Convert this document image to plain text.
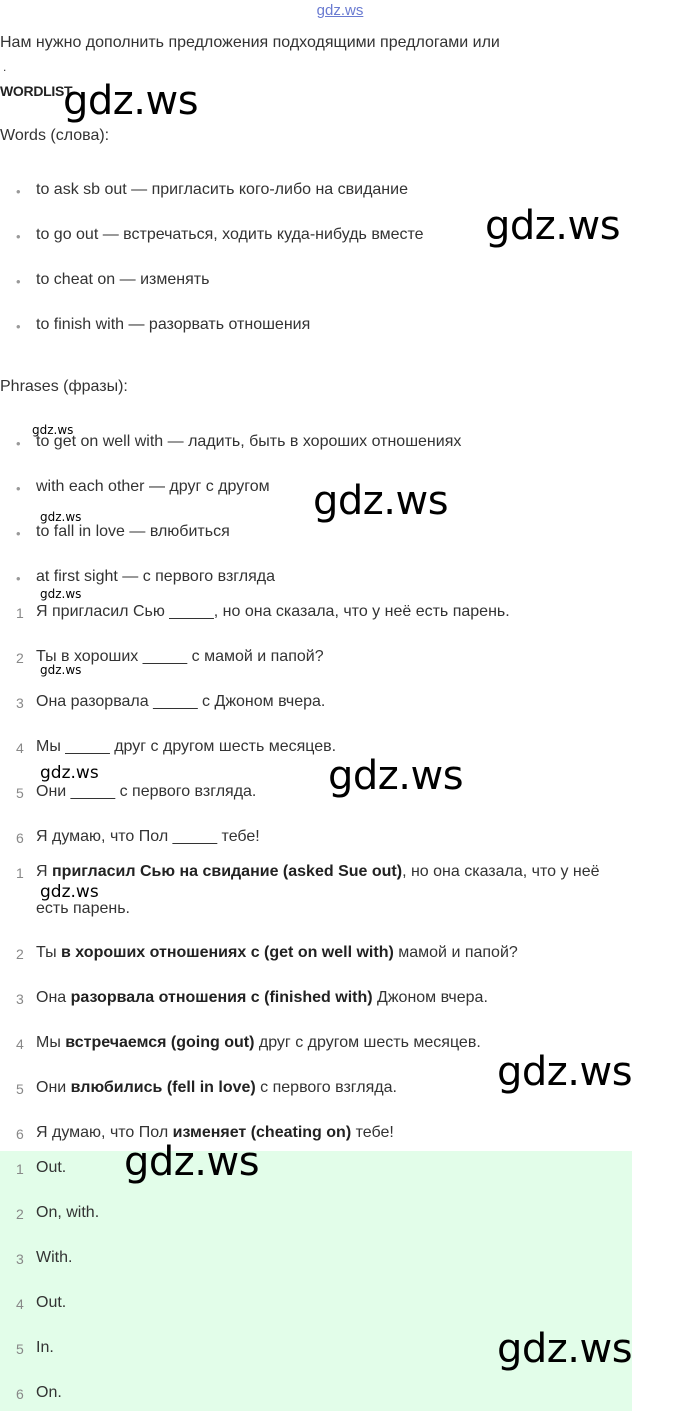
gdz.ws
Нам нужно дополнить предложения подходящими предлогами или
.
WORDLIST
Words (слова):
• to ask sb out — пригласить кого-либо на свидание
• to go out — встречаться, ходить куда-нибудь вместе
• to cheat on — изменять
• to finish with — разорвать отношения
Phrases (фразы):
• to get on well with — ладить, быть в хороших отношениях
• with each other — друг с другом
• to fall in love — влюбиться
• at first sight — с первого взгляда
1 Я пригласил Сью _____, но она сказала, что у неё есть парень.
2 Ты в хороших _____ с мамой и папой?
3 Она разорвала _____ с Джоном вчера.
4 Мы _____ друг с другом шесть месяцев.
5 Они _____ с первого взгляда.
6 Я думаю, что Пол _____ тебе!
1 Я пригласил Сью на свидание (asked Sue out), но она сказала, что у неё
есть парень.
2 Ты в хороших отношениях с (get on well with) мамой и папой?
3 Она разорвала отношения с (finished with) Джоном вчера.
4 Мы встречаемся (going out) друг с другом шесть месяцев.
5 Они влюбились (fell in love) с первого взгляда.
6 Я думаю, что Пол изменяет (cheating on) тебе!
1 Out.
2 On, with.
3 With.
4 Out.
5 In.
6 On.
gdz.ws
gdz.ws
gdz.ws
gdz.ws
gdz.ws
gdz.ws
gdz.ws
gdz.ws	gdz.ws
gdz.ws
gdz.ws
gdz.ws
gdz.ws
